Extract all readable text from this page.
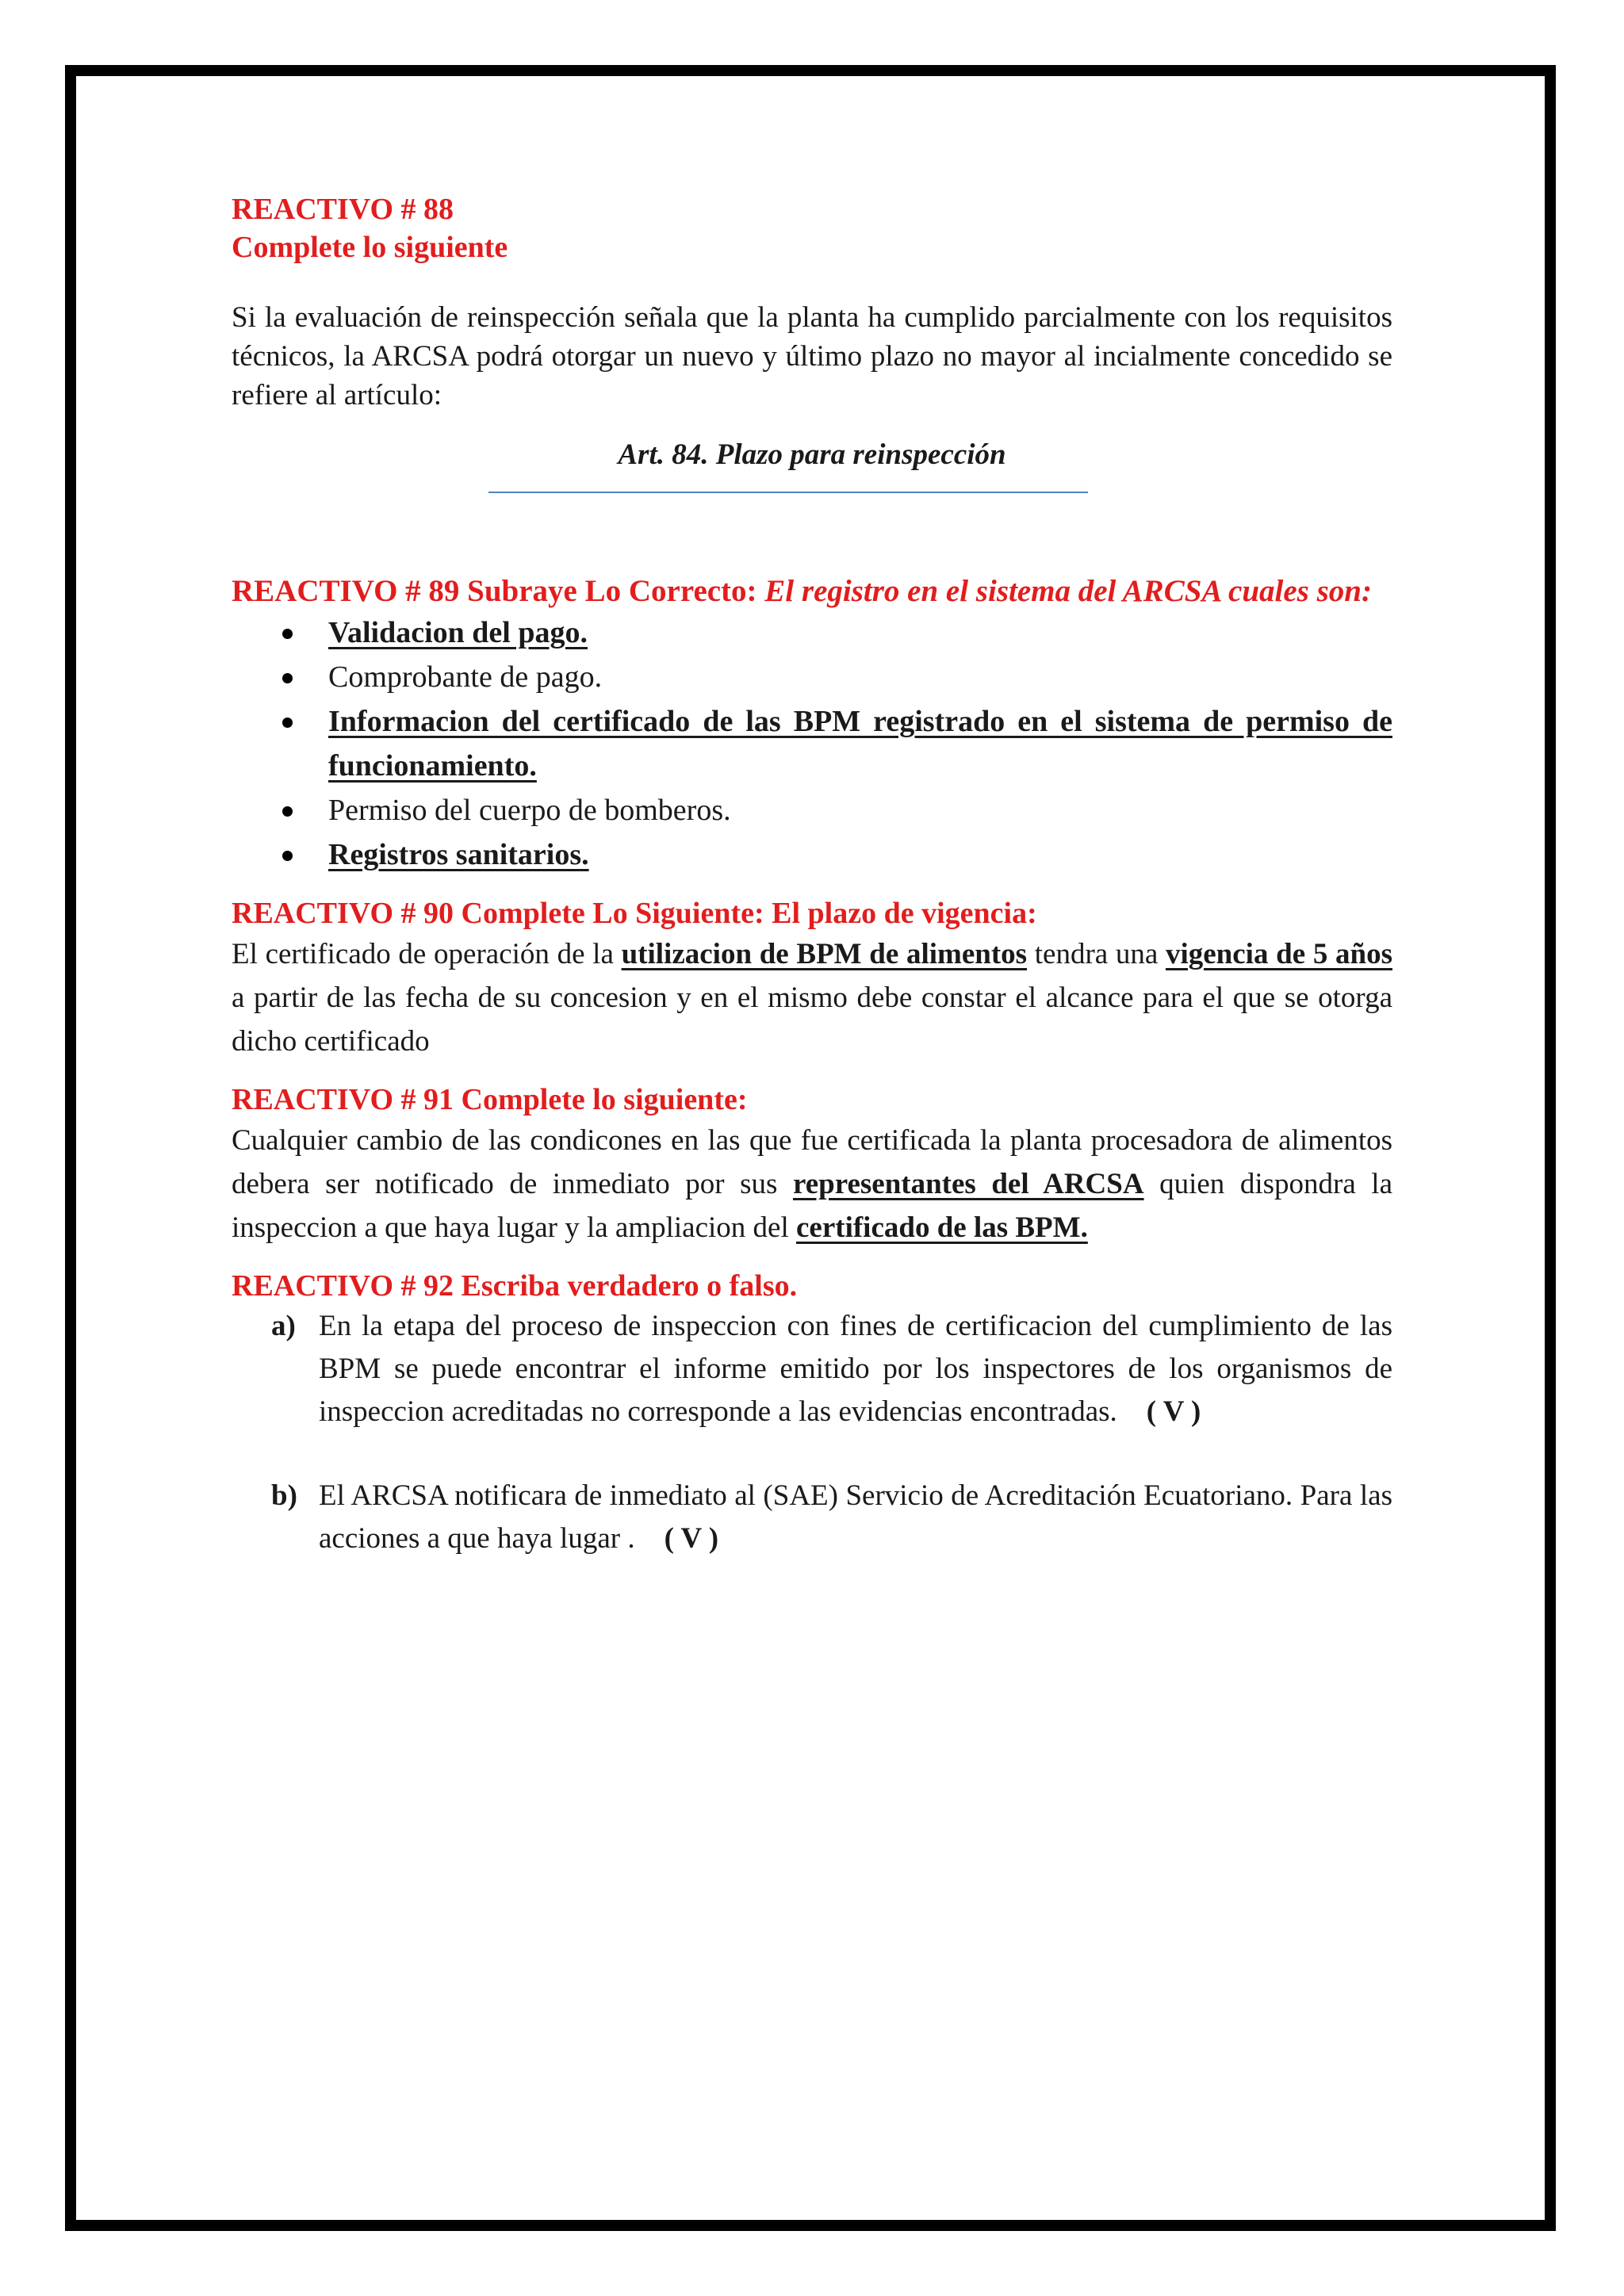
REACTIVO # 88

Complete lo siguiente

Si la evaluación de reinspección señala que la planta ha cumplido parcialmente con los requisitos técnicos, la ARCSA podrá otorgar un nuevo y último plazo no mayor al incialmente concedido se refiere al artículo:

Art. 84. Plazo para reinspección

REACTIVO # 89 Subraye Lo Correcto: El registro en el sistema del ARCSA cuales son:

Validacion del pago.
Comprobante de pago.
Informacion del certificado de las BPM registrado en el sistema de permiso de funcionamiento.
Permiso del cuerpo de bomberos.
Registros sanitarios.

REACTIVO # 90 Complete Lo Siguiente: El plazo de vigencia:

El certificado de operación de la utilizacion de BPM de alimentos tendra una vigencia de 5 años a partir de las fecha de su concesion y en el mismo debe constar el alcance para el que se otorga dicho certificado

REACTIVO # 91 Complete lo siguiente:

Cualquier cambio de las condicones en las que fue certificada la planta procesadora de alimentos debera ser notificado de inmediato por sus representantes del ARCSA quien dispondra la inspeccion a que haya lugar y la ampliacion del certificado de las BPM.

REACTIVO # 92 Escriba verdadero o falso.

a) En la etapa del proceso de inspeccion con fines de certificacion del cumplimiento de las BPM se puede encontrar el informe emitido por los inspectores de los organismos de inspeccion acreditadas no corresponde a las evidencias encontradas. ( V )
b) El ARCSA notificara de inmediato al (SAE) Servicio de Acreditación Ecuatoriano. Para las acciones a que haya lugar . ( V )
